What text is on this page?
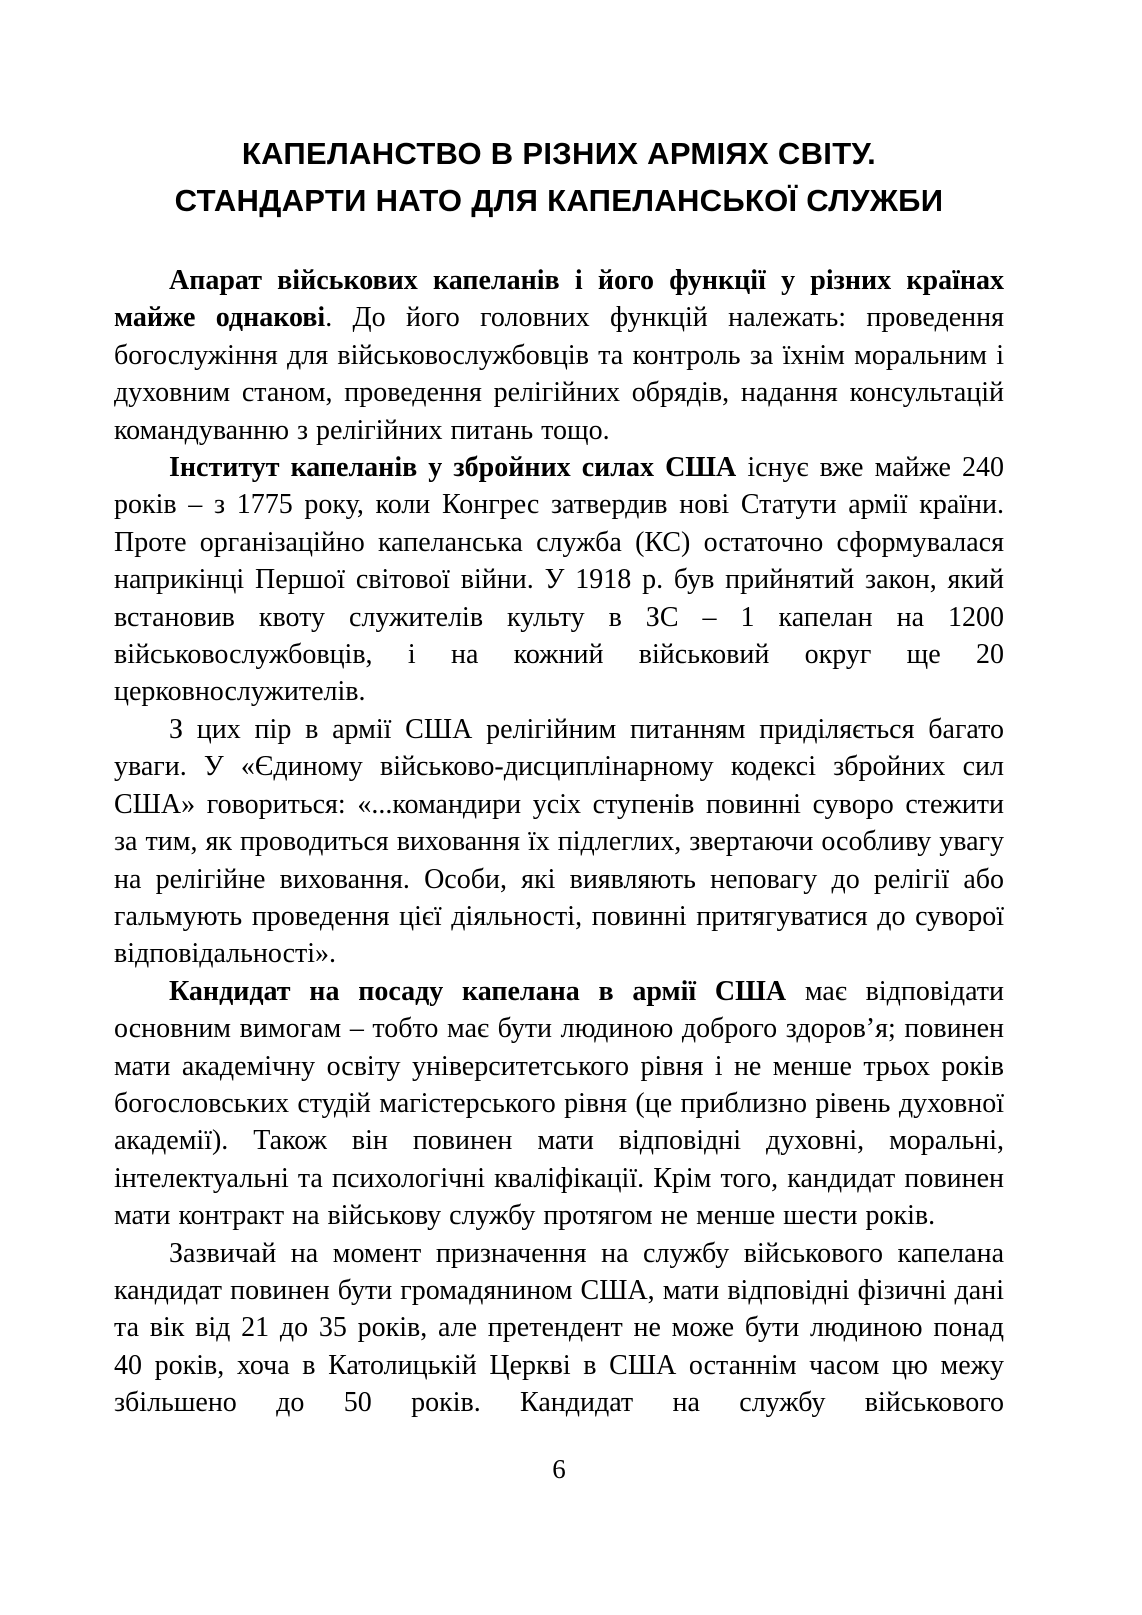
КАПЕЛАНСТВО В РІЗНИХ АРМІЯХ СВІТУ.
СТАНДАРТИ НАТО ДЛЯ КАПЕЛАНСЬКОЇ СЛУЖБИ

Апарат військових капеланів і його функції у різних країнах майже однакові. До його головних функцій належать: проведення богослужіння для військовослужбовців та контроль за їхнім моральним і духовним станом, проведення релігійних обрядів, надання консультацій командуванню з релігійних питань тощо.

Інститут капеланів у збройних силах США існує вже майже 240 років – з 1775 року, коли Конгрес затвердив нові Статути армії країни. Проте організаційно капеланська служба (КС) остаточно сформувалася наприкінці Першої світової війни. У 1918 р. був прийнятий закон, який встановив квоту служителів культу в ЗС – 1 капелан на 1200 військовослужбовців, і на кожний військовий округ ще 20 церковнослужителів.

З цих пір в армії США релігійним питанням приділяється багато уваги. У «Єдиному військово-дисциплінарному кодексі збройних сил США» говориться: «...командири усіх ступенів повинні суворо стежити за тим, як проводиться виховання їх підлеглих, звертаючи особливу увагу на релігійне виховання. Особи, які виявляють неповагу до релігії або гальмують проведення цієї діяльності, повинні притягуватися до суворої відповідальності».

Кандидат на посаду капелана в армії США має відповідати основним вимогам – тобто має бути людиною доброго здоров’я; повинен мати академічну освіту університетського рівня і не менше трьох років богословських студій магістерського рівня (це приблизно рівень духовної академії). Також він повинен мати відповідні духовні, моральні, інтелектуальні та психологічні кваліфікації. Крім того, кандидат повинен мати контракт на військову службу протягом не менше шести років.

Зазвичай на момент призначення на службу військового капелана кандидат повинен бути громадянином США, мати відповідні фізичні дані та вік від 21 до 35 років, але претендент не може бути людиною понад 40 років, хоча в Католицькій Церкві в США останнім часом цю межу збільшено до 50 років. Кандидат на службу військового

6
